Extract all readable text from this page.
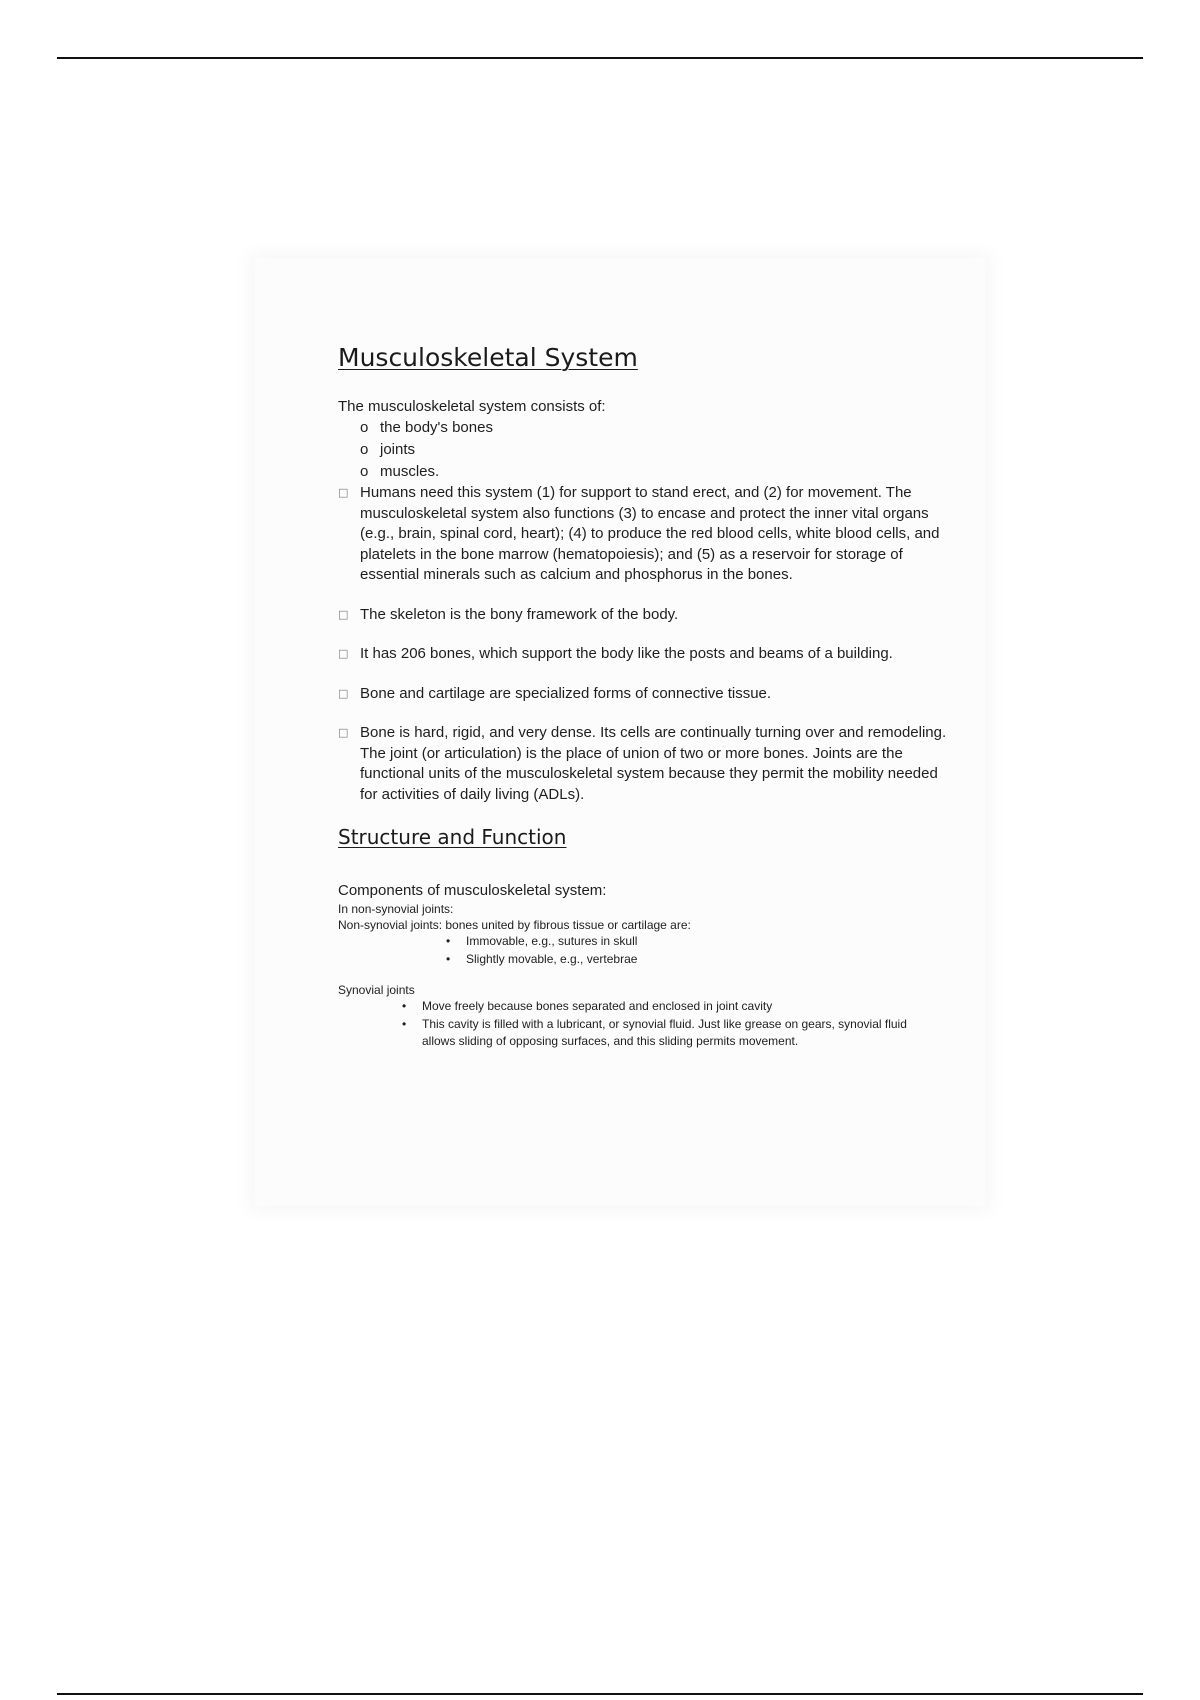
Musculoskeletal System
The musculoskeletal system consists of:
o the body's bones
o joints
o muscles.
□ Humans need this system (1) for support to stand erect, and (2) for movement. The musculoskeletal system also functions (3) to encase and protect the inner vital organs (e.g., brain, spinal cord, heart); (4) to produce the red blood cells, white blood cells, and platelets in the bone marrow (hematopoiesis); and (5) as a reservoir for storage of essential minerals such as calcium and phosphorus in the bones.
□ The skeleton is the bony framework of the body.
□ It has 206 bones, which support the body like the posts and beams of a building.
□ Bone and cartilage are specialized forms of connective tissue.
□ Bone is hard, rigid, and very dense. Its cells are continually turning over and remodeling. The joint (or articulation) is the place of union of two or more bones. Joints are the functional units of the musculoskeletal system because they permit the mobility needed for activities of daily living (ADLs).
Structure and Function
Components of musculoskeletal system:
In non-synovial joints:
Non-synovial joints: bones united by fibrous tissue or cartilage are:
•	Immovable, e.g., sutures in skull
•	Slightly movable, e.g., vertebrae
Synovial joints
•	Move freely because bones separated and enclosed in joint cavity
•	This cavity is filled with a lubricant, or synovial fluid. Just like grease on gears, synovial fluid allows sliding of opposing surfaces, and this sliding permits movement.
